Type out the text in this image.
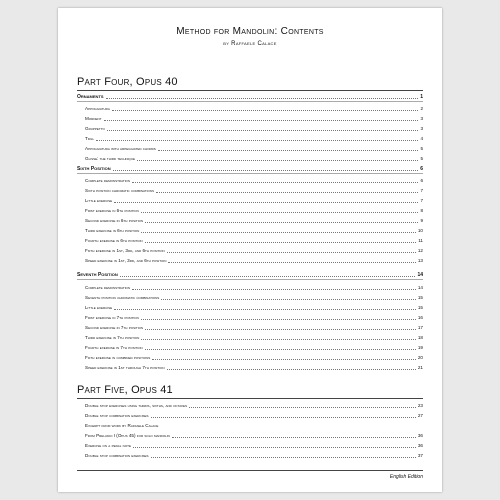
Method for Mandolin: Contents
by Raffaele Calace
Part Four, Opus 40
Ornaments	1
Appoggiatura	2
Mordent	3
Gruppetto	3
Trill	4
Appoggiatura with arpeggiated chords	5
Glisse: the third technique	5
Sixth Position	6
Complete demonstration	6
Sixth position chromatic combinations	7
Little exercise	7
First exercise in 6th position	8
Second exercise in 6th position	9
Third exercise in 6th position	10
Fourth exercise in 6th position	11
Fifth exercise in 1st, 3rd, and 6th position	12
Speed exercise in 1st, 3rd, and 6th position	13
Seventh Position	14
Complete demonstration	14
Seventh position chromatic combinations	15
Little exercise	15
First exercise in 7th position	16
Second exercise in 7th position	17
Third exercise in 7th position	18
Fourth exercise in 7th position	19
Fifth exercise in combined positions	20
Speed exercise in 1st through 7th position	21
Part Five, Opus 41
Double stop exercises using thirds, sixths, and octaves	23
Double stop combination exercises	27
Excerpt from work by Raffaele Calace
From Preludio I (Opus 45) for solo mandolin	36
Exercise on a pedal note	36
Double stop combination exercises	37
English Edition
